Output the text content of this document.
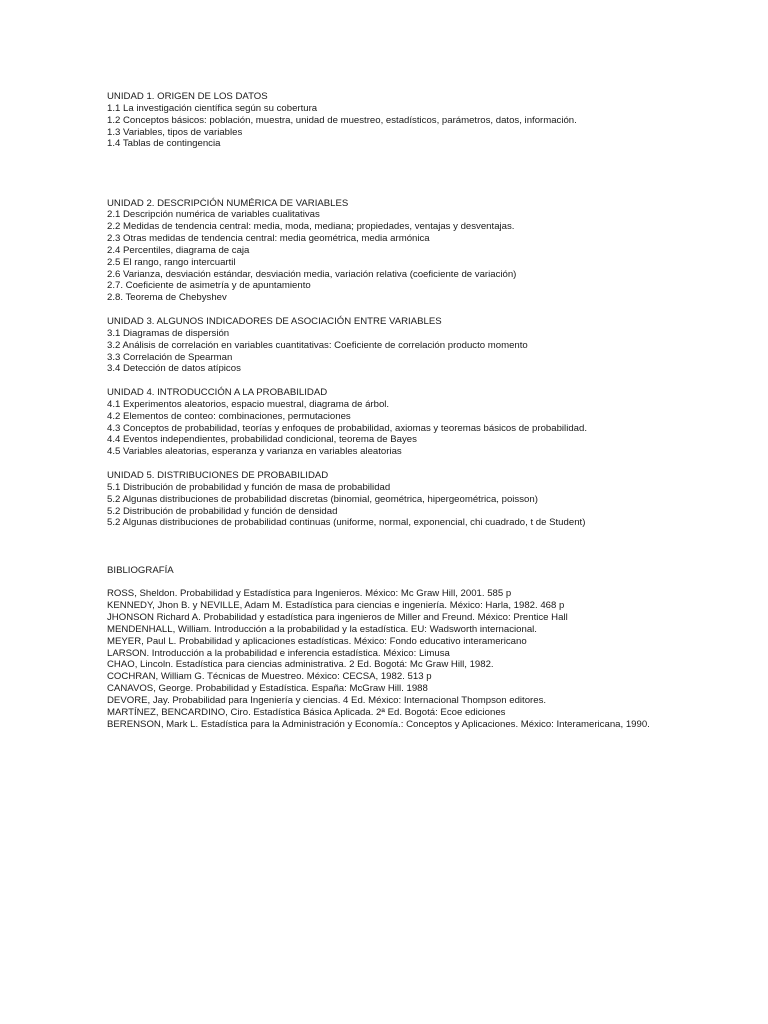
UNIDAD 1. ORIGEN DE LOS DATOS
1.1 La investigación científica según su cobertura
1.2 Conceptos básicos: población, muestra, unidad de muestreo, estadísticos, parámetros, datos, información.
1.3 Variables, tipos de variables
1.4 Tablas de contingencia
UNIDAD 2. DESCRIPCIÓN NUMÉRICA DE VARIABLES
2.1 Descripción numérica de variables cualitativas
2.2 Medidas de tendencia central: media, moda, mediana; propiedades, ventajas y desventajas.
2.3 Otras medidas de tendencia central: media geométrica, media armónica
2.4 Percentiles, diagrama de caja
2.5 El rango, rango intercuartil
2.6 Varianza, desviación estándar, desviación media, variación relativa (coeficiente de variación)
2.7. Coeficiente de asimetría y de apuntamiento
2.8. Teorema de Chebyshev
UNIDAD 3. ALGUNOS INDICADORES DE ASOCIACIÓN ENTRE VARIABLES
3.1 Diagramas de dispersión
3.2 Análisis de correlación en variables cuantitativas: Coeficiente de correlación producto momento
3.3 Correlación de Spearman
3.4 Detección de datos atípicos
UNIDAD 4. INTRODUCCIÓN A LA PROBABILIDAD
4.1 Experimentos aleatorios, espacio muestral, diagrama de árbol.
4.2 Elementos de conteo: combinaciones, permutaciones
4.3 Conceptos de probabilidad, teorías y enfoques de probabilidad, axiomas y teoremas básicos de probabilidad.
4.4 Eventos independientes, probabilidad condicional, teorema de Bayes
4.5 Variables aleatorias, esperanza y varianza en variables aleatorias
UNIDAD 5. DISTRIBUCIONES DE PROBABILIDAD
5.1 Distribución de probabilidad y función de masa de probabilidad
5.2 Algunas distribuciones de probabilidad discretas (binomial, geométrica, hipergeométrica, poisson)
5.2 Distribución de probabilidad y función de densidad
5.2 Algunas distribuciones de probabilidad continuas (uniforme, normal, exponencial, chi cuadrado, t de Student)
BIBLIOGRAFÍA
ROSS, Sheldon. Probabilidad y Estadística para Ingenieros. México: Mc Graw Hill, 2001. 585 p
KENNEDY, Jhon B. y NEVILLE, Adam M. Estadística para ciencias e ingeniería. México: Harla, 1982. 468 p
JHONSON Richard A. Probabilidad y estadística para ingenieros de Miller and Freund. México: Prentice Hall
MENDENHALL, William. Introducción a la probabilidad y la estadística. EU: Wadsworth internacional.
MEYER, Paul L. Probabilidad y aplicaciones estadísticas. México: Fondo educativo interamericano
LARSON. Introducción a la probabilidad e inferencia estadística. México: Limusa
CHAO, Lincoln. Estadística para ciencias administrativa. 2 Ed. Bogotá: Mc Graw Hill, 1982.
COCHRAN, William G. Técnicas de Muestreo. México: CECSA, 1982. 513 p
CANAVOS, George. Probabilidad y Estadística. España: McGraw Hill. 1988
DEVORE, Jay. Probabilidad para Ingeniería y ciencias. 4 Ed. México: Internacional Thompson editores.
MARTÍNEZ, BENCARDINO, Ciro. Estadística Básica Aplicada. 2ª Ed. Bogotá: Ecoe ediciones
BERENSON, Mark L. Estadística para la Administración y Economía.: Conceptos y Aplicaciones. México: Interamericana, 1990.
